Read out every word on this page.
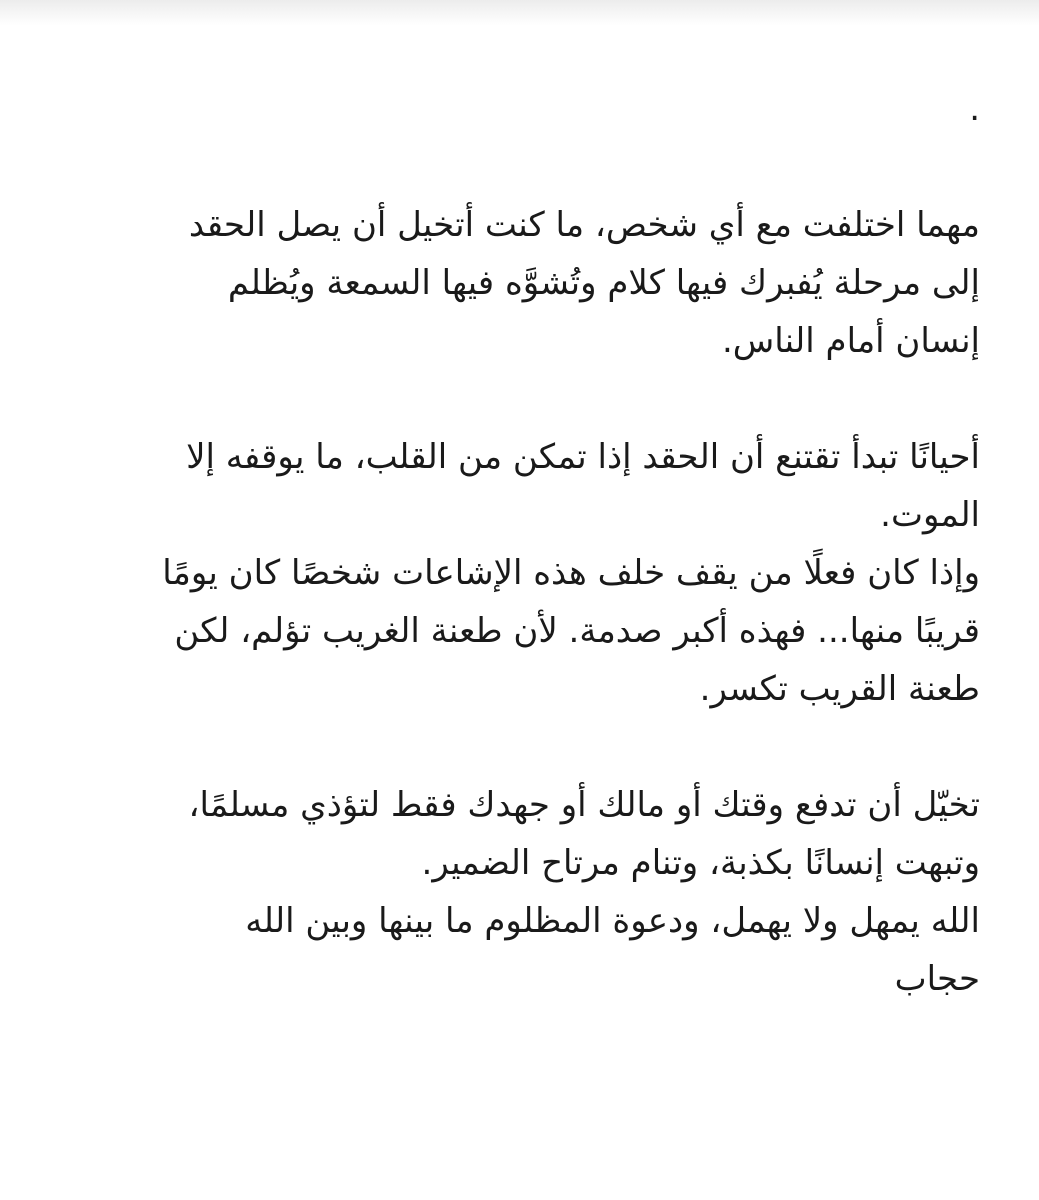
.
مهما اختلفت مع أي شخص، ما كنت أتخيل أن يصل الحقد
إلى مرحلة يُفبرك فيها كلام وتُشوَّه فيها السمعة ويُظلم
إنسان أمام الناس.
أحيانًا تبدأ تقتنع أن الحقد إذا تمكن من القلب، ما يوقفه إلا
الموت.
وإذا كان فعلًا من يقف خلف هذه الإشاعات شخصًا كان يومًا
قريبًا منها... فهذه أكبر صدمة. لأن طعنة الغريب تؤلم، لكن
طعنة القريب تكسر.
تخيّل أن تدفع وقتك أو مالك أو جهدك فقط لتؤذي مسلمًا،
وتبهت إنسانًا بكذبة، وتنام مرتاح الضمير.
الله يمهل ولا يهمل، ودعوة المظلوم ما بينها وبين الله
حجاب
